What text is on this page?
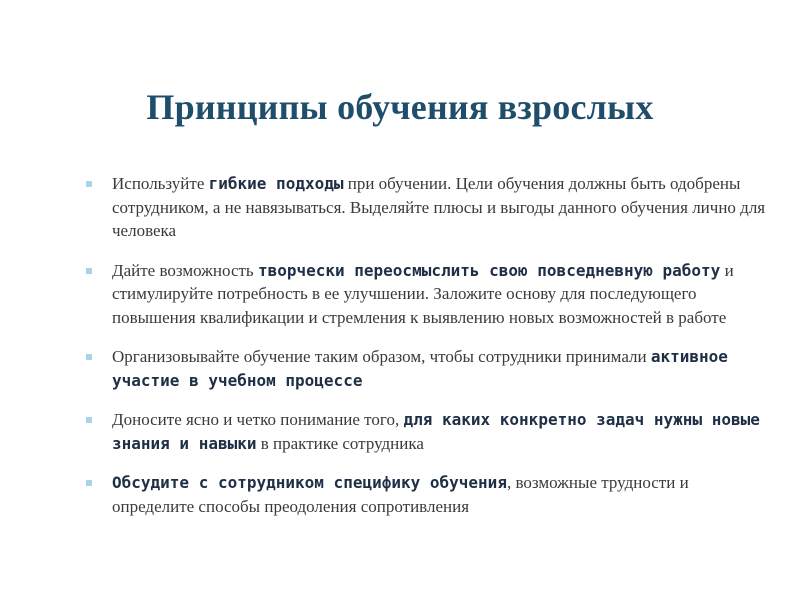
Принципы обучения взрослых
Используйте гибкие подходы при обучении. Цели обучения должны быть одобрены сотрудником, а не навязываться. Выделяйте плюсы и выгоды данного обучения лично для человека
Дайте возможность творчески переосмыслить свою повседневную работу и стимулируйте потребность в ее улучшении. Заложите основу для последующего повышения квалификации и стремления к выявлению новых возможностей в работе
Организовывайте обучение таким образом, чтобы сотрудники принимали активное участие в учебном процессе
Доносите ясно и четко понимание того, для каких конкретно задач нужны новые знания и навыки в практике сотрудника
Обсудите с сотрудником специфику обучения, возможные трудности и определите способы преодоления сопротивления
